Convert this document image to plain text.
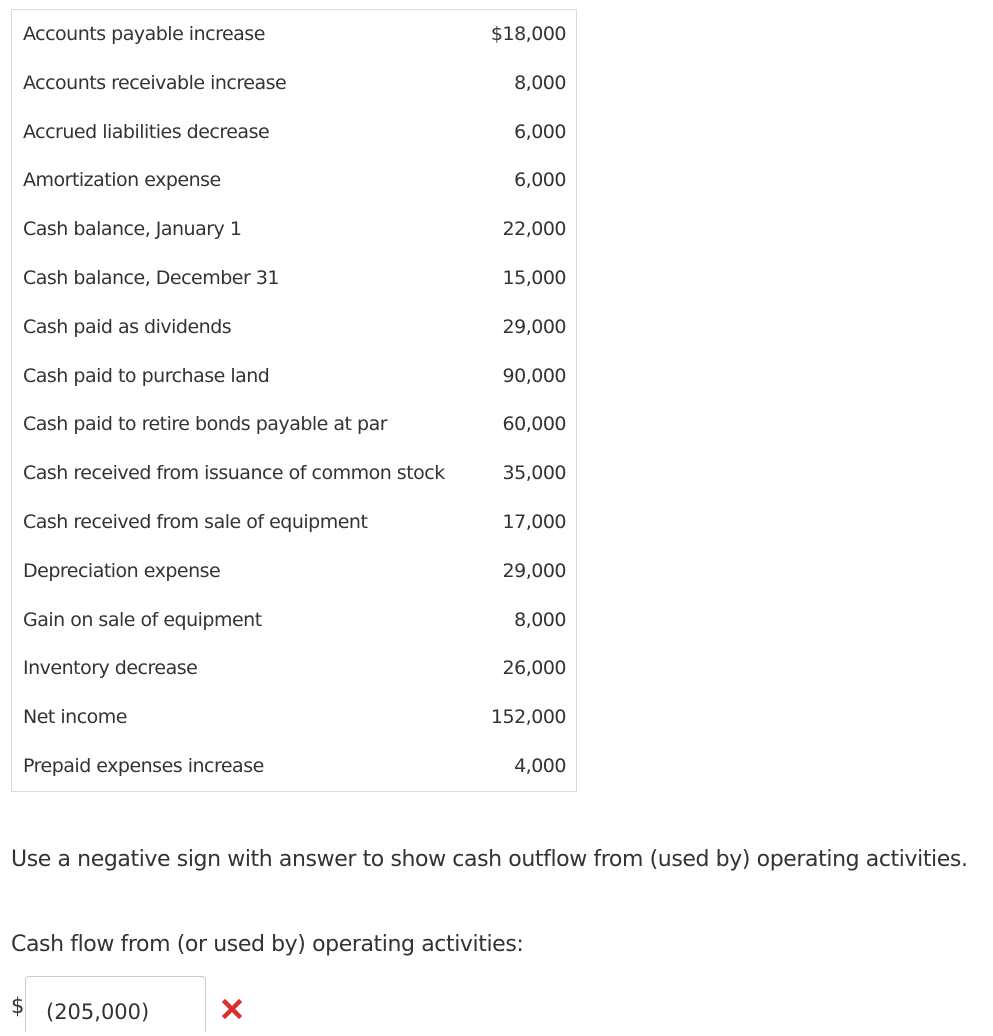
Accounts payable increase	$18,000
Accounts receivable increase	8,000
Accrued liabilities decrease	6,000
Amortization expense	6,000
Cash balance, January 1	22,000
Cash balance, December 31	15,000
Cash paid as dividends	29,000
Cash paid to purchase land	90,000
Cash paid to retire bonds payable at par	60,000
Cash received from issuance of common stock	35,000
Cash received from sale of equipment	17,000
Depreciation expense	29,000
Gain on sale of equipment	8,000
Inventory decrease	26,000
Net income	152,000
Prepaid expenses increase	4,000

Use a negative sign with answer to show cash outflow from (used by) operating activities.

Cash flow from (or used by) operating activities:

$
(205,000)
